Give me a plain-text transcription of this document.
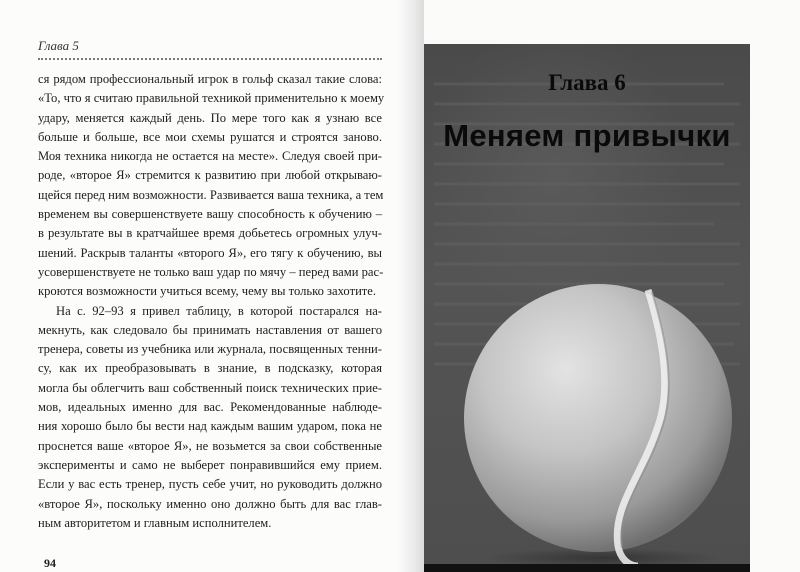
Глава 5
ся рядом профессиональный игрок в гольф сказал такие слова:
«То, что я считаю правильной техникой применительно к моему
удару, меняется каждый день. По мере того как я узнаю все
больше и больше, все мои схемы рушатся и строятся заново.
Моя техника никогда не остается на месте». Следуя своей при-
роде, «второе Я» стремится к развитию при любой открываю-
щейся перед ним возможности. Развивается ваша техника, а тем
временем вы совершенствуете вашу способность к обучению –
в результате вы в кратчайшее время добьетесь огромных улуч-
шений. Раскрыв таланты «второго Я», его тягу к обучению, вы
усовершенствуете не только ваш удар по мячу – перед вами рас-
кроются возможности учиться всему, чему вы только захотите.
На с. 92–93 я привел таблицу, в которой постарался на-
мекнуть, как следовало бы принимать наставления от вашего
тренера, советы из учебника или журнала, посвященных тенни-
су, как их преобразовывать в знание, в подсказку, которая
могла бы облегчить ваш собственный поиск технических прие-
мов, идеальных именно для вас. Рекомендованные наблюде-
ния хорошо было бы вести над каждым вашим ударом, пока не
проснется ваше «второе Я», не возьмется за свои собственные
эксперименты и само не выберет понравившийся ему прием.
Если у вас есть тренер, пусть себе учит, но руководить должно
«второе Я», поскольку именно оно должно быть для вас глав-
ным авторитетом и главным исполнителем.
94
Глава 6
Меняем привычки
